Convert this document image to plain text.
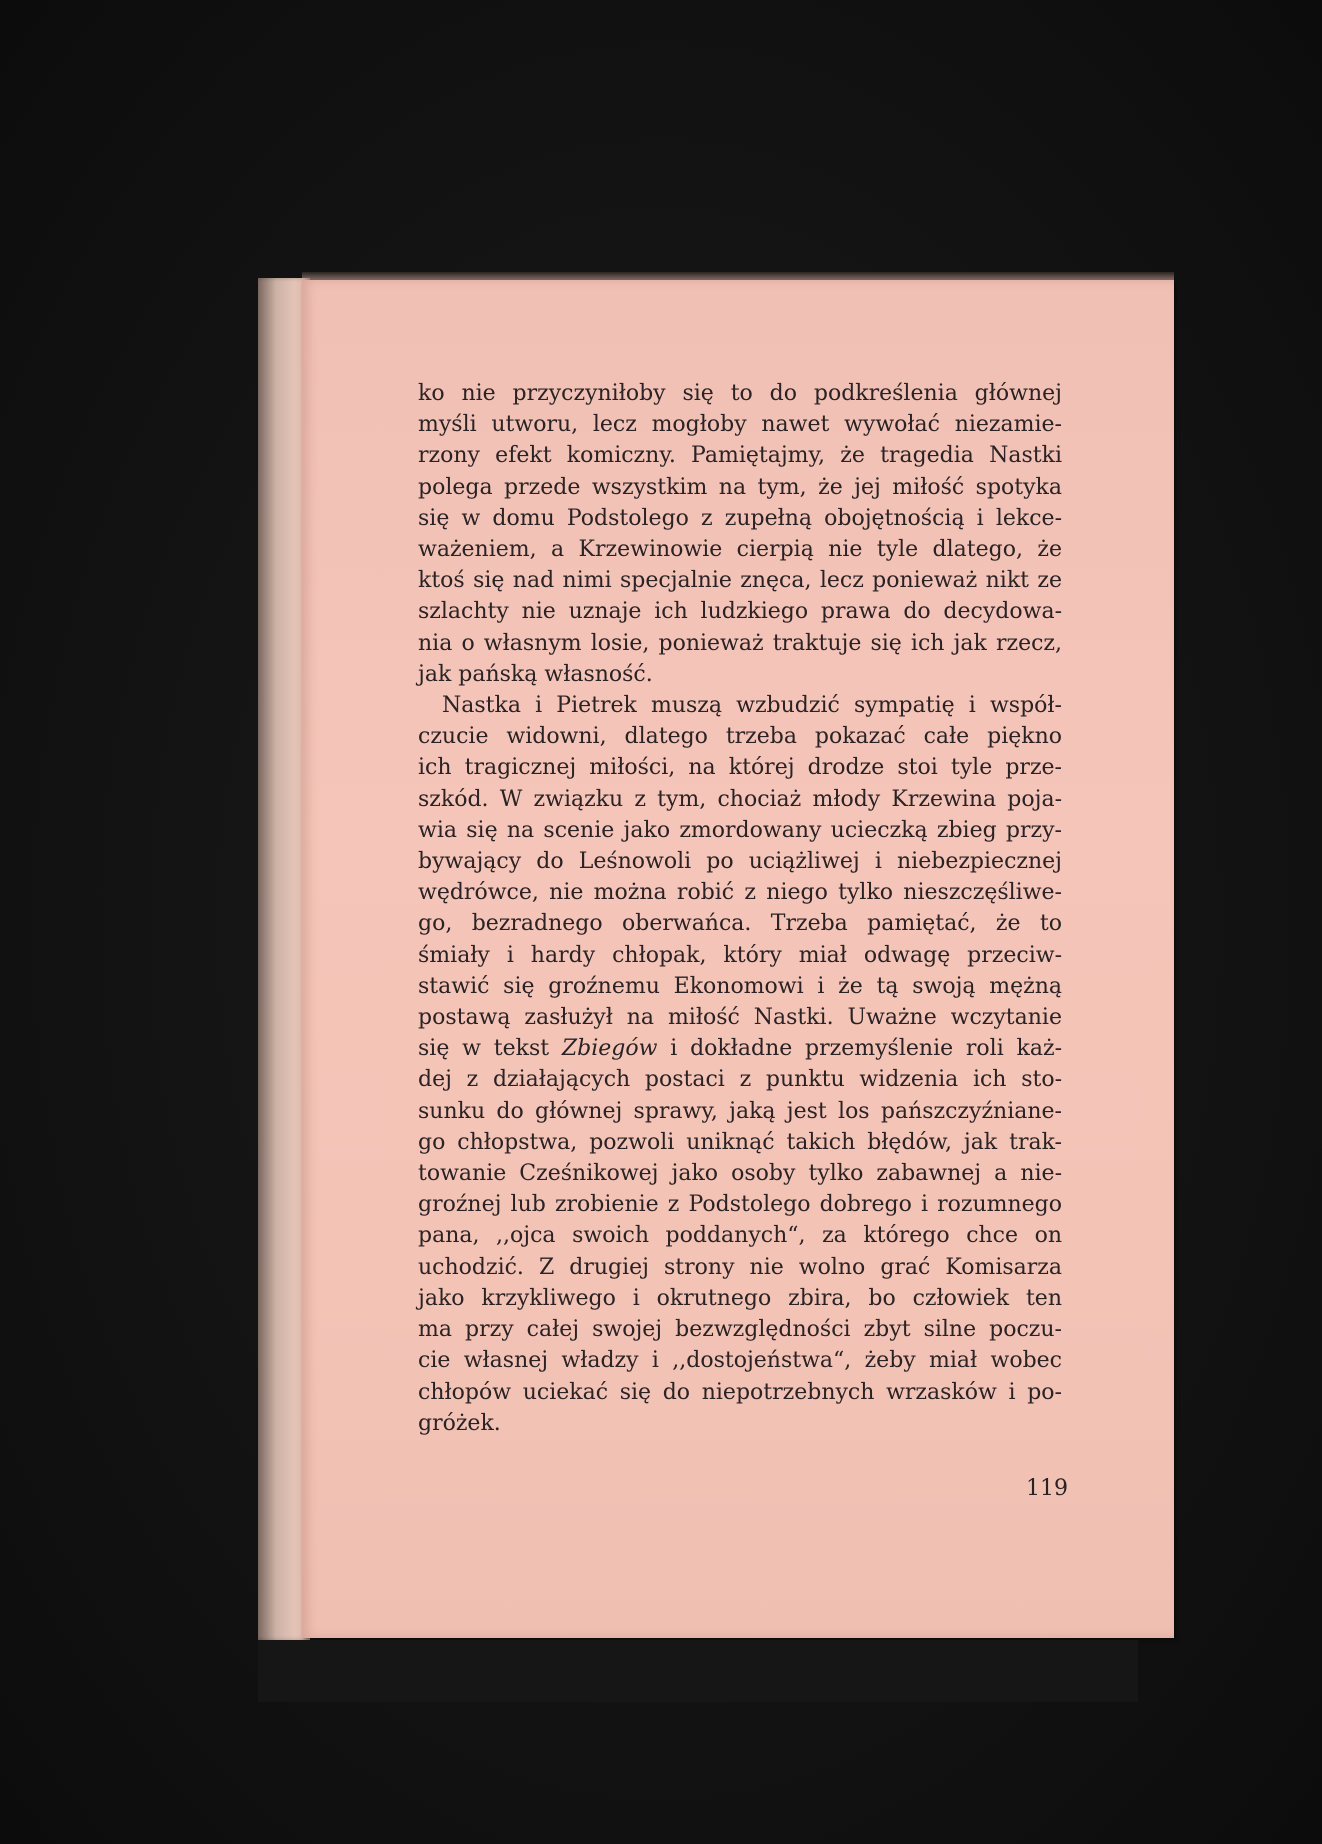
ko nie przyczyniłoby się to do podkreślenia głównej
myśli utworu, lecz mogłoby nawet wywołać niezamie-
rzony efekt komiczny. Pamiętajmy, że tragedia Nastki
polega przede wszystkim na tym, że jej miłość spotyka
się w domu Podstolego z zupełną obojętnością i lekce-
ważeniem, a Krzewinowie cierpią nie tyle dlatego, że
ktoś się nad nimi specjalnie znęca, lecz ponieważ nikt ze
szlachty nie uznaje ich ludzkiego prawa do decydowa-
nia o własnym losie, ponieważ traktuje się ich jak rzecz,
jak pańską własność.

Nastka i Pietrek muszą wzbudzić sympatię i współ-
czucie widowni, dlatego trzeba pokazać całe piękno
ich tragicznej miłości, na której drodze stoi tyle prze-
szkód. W związku z tym, chociaż młody Krzewina poja-
wia się na scenie jako zmordowany ucieczką zbieg przy-
bywający do Leśnowoli po uciążliwej i niebezpiecznej
wędrówce, nie można robić z niego tylko nieszczęśliwe-
go, bezradnego oberwańca. Trzeba pamiętać, że to
śmiały i hardy chłopak, który miał odwagę przeciw-
stawić się groźnemu Ekonomowi i że tą swoją mężną
postawą zasłużył na miłość Nastki. Uważne wczytanie
się w tekst Zbiegów i dokładne przemyślenie roli każ-
dej z działających postaci z punktu widzenia ich sto-
sunku do głównej sprawy, jaką jest los pańszczyźniane-
go chłopstwa, pozwoli uniknąć takich błędów, jak trak-
towanie Cześnikowej jako osoby tylko zabawnej a nie-
groźnej lub zrobienie z Podstolego dobrego i rozumnego
pana, ,,ojca swoich poddanych“, za którego chce on
uchodzić. Z drugiej strony nie wolno grać Komisarza
jako krzykliwego i okrutnego zbira, bo człowiek ten
ma przy całej swojej bezwzględności zbyt silne poczu-
cie własnej władzy i ,,dostojeństwa“, żeby miał wobec
chłopów uciekać się do niepotrzebnych wrzasków i po-
gróżek.

119
